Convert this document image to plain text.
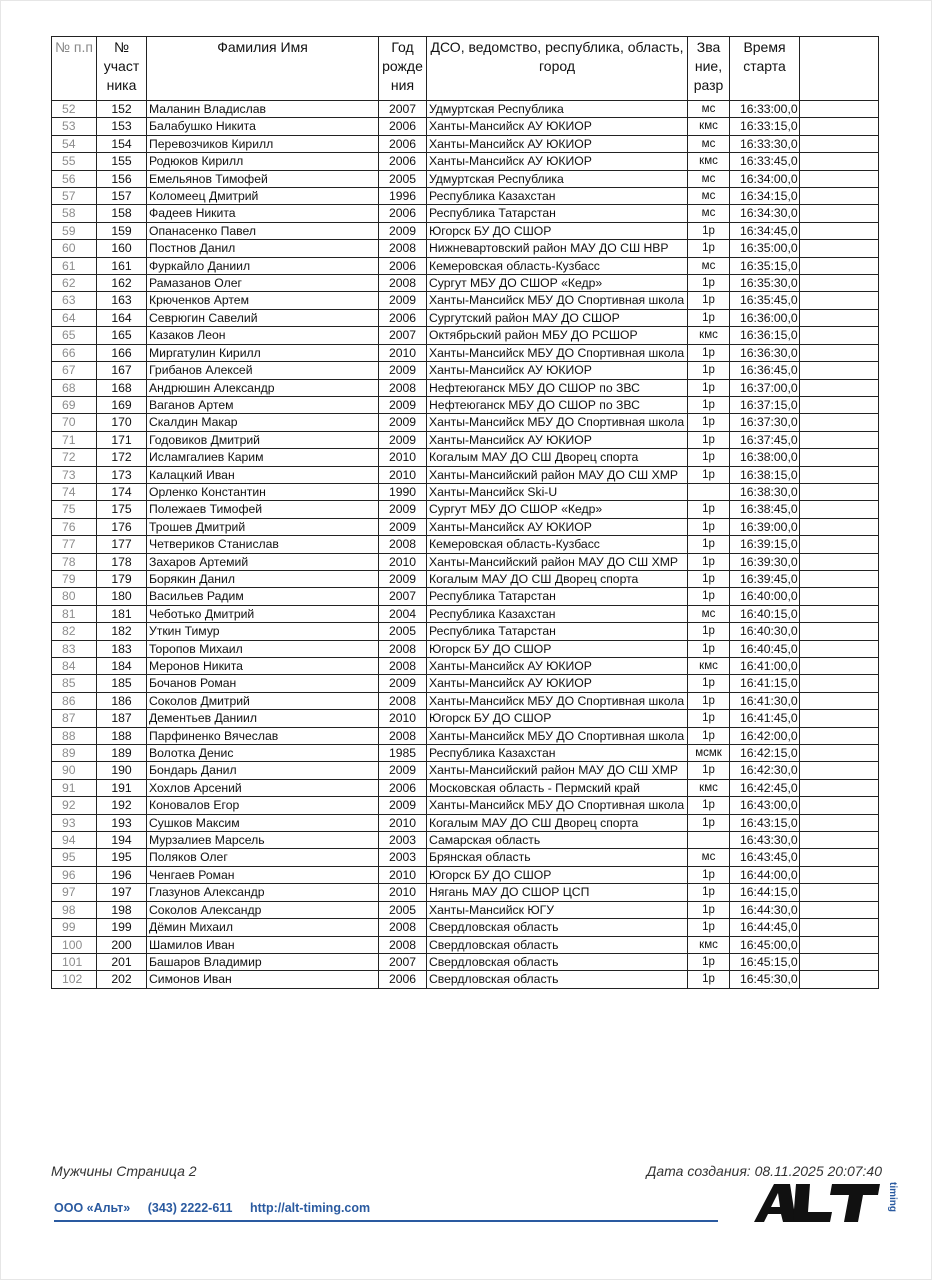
№ п.п	№ участ ника	Фамилия Имя	Год рожде ния	ДСО, ведомство, республика, область, город	Зва ние, разр	Время старта	
52	152	Маланин Владислав	2007	Удмуртская Республика	мс	16:33:00,0	
53	153	Балабушко Никита	2006	Ханты-Мансийск АУ ЮКИОР	кмс	16:33:15,0	
54	154	Перевозчиков Кирилл	2006	Ханты-Мансийск АУ ЮКИОР	мс	16:33:30,0	
55	155	Родюков Кирилл	2006	Ханты-Мансийск АУ ЮКИОР	кмс	16:33:45,0	
56	156	Емельянов Тимофей	2005	Удмуртская Республика	мс	16:34:00,0	
57	157	Коломеец Дмитрий	1996	Республика Казахстан	мс	16:34:15,0	
58	158	Фадеев Никита	2006	Республика Татарстан	мс	16:34:30,0	
59	159	Опанасенко Павел	2009	Югорск БУ ДО СШОР	1р	16:34:45,0	
60	160	Постнов Данил	2008	Нижневартовский район МАУ ДО СШ НВР	1р	16:35:00,0	
61	161	Фуркайло Даниил	2006	Кемеровская область-Кузбасс	мс	16:35:15,0	
62	162	Рамазанов Олег	2008	Сургут МБУ ДО СШОР «Кедр»	1р	16:35:30,0	
63	163	Крюченков Артем	2009	Ханты-Мансийск МБУ ДО Спортивная школа	1р	16:35:45,0	
64	164	Севрюгин Савелий	2006	Сургутский район МАУ ДО СШОР	1р	16:36:00,0	
65	165	Казаков Леон	2007	Октябрьский район МБУ ДО РСШОР	кмс	16:36:15,0	
66	166	Миргатулин Кирилл	2010	Ханты-Мансийск МБУ ДО Спортивная школа	1р	16:36:30,0	
67	167	Грибанов Алексей	2009	Ханты-Мансийск АУ ЮКИОР	1р	16:36:45,0	
68	168	Андрюшин Александр	2008	Нефтеюганск МБУ ДО СШОР по ЗВС	1р	16:37:00,0	
69	169	Ваганов Артем	2009	Нефтеюганск МБУ ДО СШОР по ЗВС	1р	16:37:15,0	
70	170	Скалдин Макар	2009	Ханты-Мансийск МБУ ДО Спортивная школа	1р	16:37:30,0	
71	171	Годовиков Дмитрий	2009	Ханты-Мансийск АУ ЮКИОР	1р	16:37:45,0	
72	172	Исламгалиев Карим	2010	Когалым МАУ ДО СШ Дворец спорта	1р	16:38:00,0	
73	173	Калацкий Иван	2010	Ханты-Мансийский район МАУ ДО СШ ХМР	1р	16:38:15,0	
74	174	Орленко Константин	1990	Ханты-Мансийск Ski-U		16:38:30,0	
75	175	Полежаев Тимофей	2009	Сургут МБУ ДО СШОР «Кедр»	1р	16:38:45,0	
76	176	Трошев Дмитрий	2009	Ханты-Мансийск АУ ЮКИОР	1р	16:39:00,0	
77	177	Четвериков Станислав	2008	Кемеровская область-Кузбасс	1р	16:39:15,0	
78	178	Захаров Артемий	2010	Ханты-Мансийский район МАУ ДО СШ ХМР	1р	16:39:30,0	
79	179	Борякин Данил	2009	Когалым МАУ ДО СШ Дворец спорта	1р	16:39:45,0	
80	180	Васильев Радим	2007	Республика Татарстан	1р	16:40:00,0	
81	181	Чеботько Дмитрий	2004	Республика Казахстан	мс	16:40:15,0	
82	182	Уткин Тимур	2005	Республика Татарстан	1р	16:40:30,0	
83	183	Торопов Михаил	2008	Югорск БУ ДО СШОР	1р	16:40:45,0	
84	184	Меронов Никита	2008	Ханты-Мансийск АУ ЮКИОР	кмс	16:41:00,0	
85	185	Бочанов Роман	2009	Ханты-Мансийск АУ ЮКИОР	1р	16:41:15,0	
86	186	Соколов Дмитрий	2008	Ханты-Мансийск МБУ ДО Спортивная школа	1р	16:41:30,0	
87	187	Дементьев Даниил	2010	Югорск БУ ДО СШОР	1р	16:41:45,0	
88	188	Парфиненко Вячеслав	2008	Ханты-Мансийск МБУ ДО Спортивная школа	1р	16:42:00,0	
89	189	Волотка Денис	1985	Республика Казахстан	мсмк	16:42:15,0	
90	190	Бондарь Данил	2009	Ханты-Мансийский район МАУ ДО СШ ХМР	1р	16:42:30,0	
91	191	Хохлов Арсений	2006	Московская область - Пермский край	кмс	16:42:45,0	
92	192	Коновалов Егор	2009	Ханты-Мансийск МБУ ДО Спортивная школа	1р	16:43:00,0	
93	193	Сушков Максим	2010	Когалым МАУ ДО СШ Дворец спорта	1р	16:43:15,0	
94	194	Мурзалиев Марсель	2003	Самарская область		16:43:30,0	
95	195	Поляков Олег	2003	Брянская область	мс	16:43:45,0	
96	196	Ченгаев Роман	2010	Югорск БУ ДО СШОР	1р	16:44:00,0	
97	197	Глазунов Александр	2010	Нягань МАУ ДО СШОР ЦСП	1р	16:44:15,0	
98	198	Соколов Александр	2005	Ханты-Мансийск ЮГУ	1р	16:44:30,0	
99	199	Дёмин Михаил	2008	Свердловская область	1р	16:44:45,0	
100	200	Шамилов Иван	2008	Свердловская область	кмс	16:45:00,0	
101	201	Башаров Владимир	2007	Свердловская область	1р	16:45:15,0	
102	202	Симонов Иван	2006	Свердловская область	1р	16:45:30,0	
Мужчины Страница 2	Дата создания: 08.11.2025 20:07:40
ООО «Альт» (343) 2222-611 http://alt-timing.com	timing
